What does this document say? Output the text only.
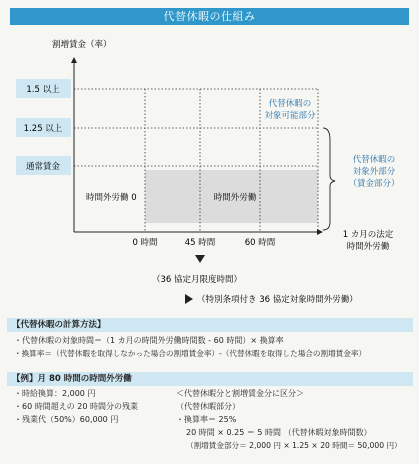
代替休暇の仕組み
割増賃金（率）
1.5 以上
1.25 以上
通常賃金
時間外労働 0	時間外労働
0 時間	45 時間	60 時間
1 カ月の法定
時間外労働
代替休暇の
対象可能部分
代替休暇の
対象外部分
（賃金部分）
（36 協定月限度時間）
（特別条項付き 36 協定対象時間外労働）
【代替休暇の計算方法】
・代替休暇の対象時間＝（1 カ月の時間外労働時間数 - 60 時間）× 換算率
・換算率＝（代替休暇を取得しなかった場合の割増賃金率）-（代替休暇を取得した場合の割増賃金率）
【例】月 80 時間の時間外労働
・時給換算：2,000 円
・60 時間超えの 20 時間分の残業
・残業代（50%）60,000 円
＜代替休暇分と割増賃金分に区分＞
（代替休暇部分）
・換算率＝ 25%
20 時間 × 0.25 ＝ 5 時間 （代替休暇対象時間数）
（割増賃金部分＝ 2,000 円 × 1.25 × 20 時間＝ 50,000 円）
